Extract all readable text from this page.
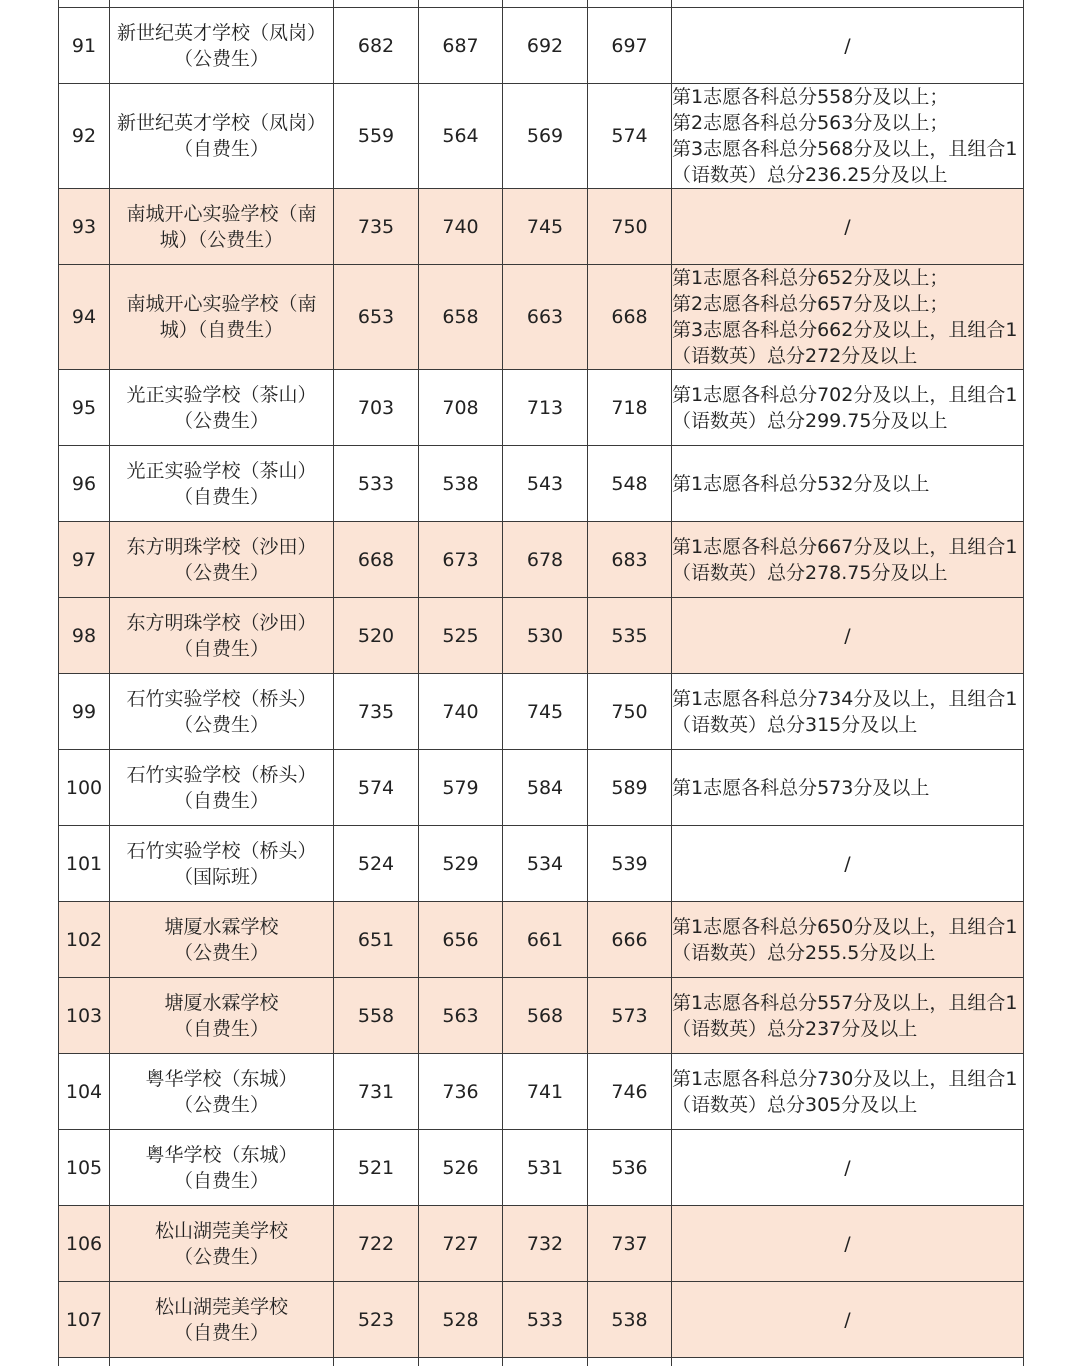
91	新世纪英才学校（凤岗）
（公费生）	682	687	692	697	/

92	新世纪英才学校（凤岗）
（自费生）	559	564	569	574	第1志愿各科总分558分及以上；
第2志愿各科总分563分及以上；
第3志愿各科总分568分及以上，且组合1
（语数英）总分236.25分及以上

93	南城开心实验学校（南
城）（公费生）	735	740	745	750	/

94	南城开心实验学校（南
城）（自费生）	653	658	663	668	第1志愿各科总分652分及以上；
第2志愿各科总分657分及以上；
第3志愿各科总分662分及以上，且组合1
（语数英）总分272分及以上

95	光正实验学校（茶山）
（公费生）	703	708	713	718	第1志愿各科总分702分及以上，且组合1
（语数英）总分299.75分及以上

96	光正实验学校（茶山）
（自费生）	533	538	543	548	第1志愿各科总分532分及以上

97	东方明珠学校（沙田）
（公费生）	668	673	678	683	第1志愿各科总分667分及以上，且组合1
（语数英）总分278.75分及以上

98	东方明珠学校（沙田）
（自费生）	520	525	530	535	/

99	石竹实验学校（桥头）
（公费生）	735	740	745	750	第1志愿各科总分734分及以上，且组合1
（语数英）总分315分及以上

100	石竹实验学校（桥头）
（自费生）	574	579	584	589	第1志愿各科总分573分及以上

101	石竹实验学校（桥头）
（国际班）	524	529	534	539	/

102	塘厦水霖学校
（公费生）	651	656	661	666	第1志愿各科总分650分及以上，且组合1
（语数英）总分255.5分及以上

103	塘厦水霖学校
（自费生）	558	563	568	573	第1志愿各科总分557分及以上，且组合1
（语数英）总分237分及以上

104	粤华学校（东城）
（公费生）	731	736	741	746	第1志愿各科总分730分及以上，且组合1
（语数英）总分305分及以上

105	粤华学校（东城）
（自费生）	521	526	531	536	/

106	松山湖莞美学校
（公费生）	722	727	732	737	/

107	松山湖莞美学校
（自费生）	523	528	533	538	/
